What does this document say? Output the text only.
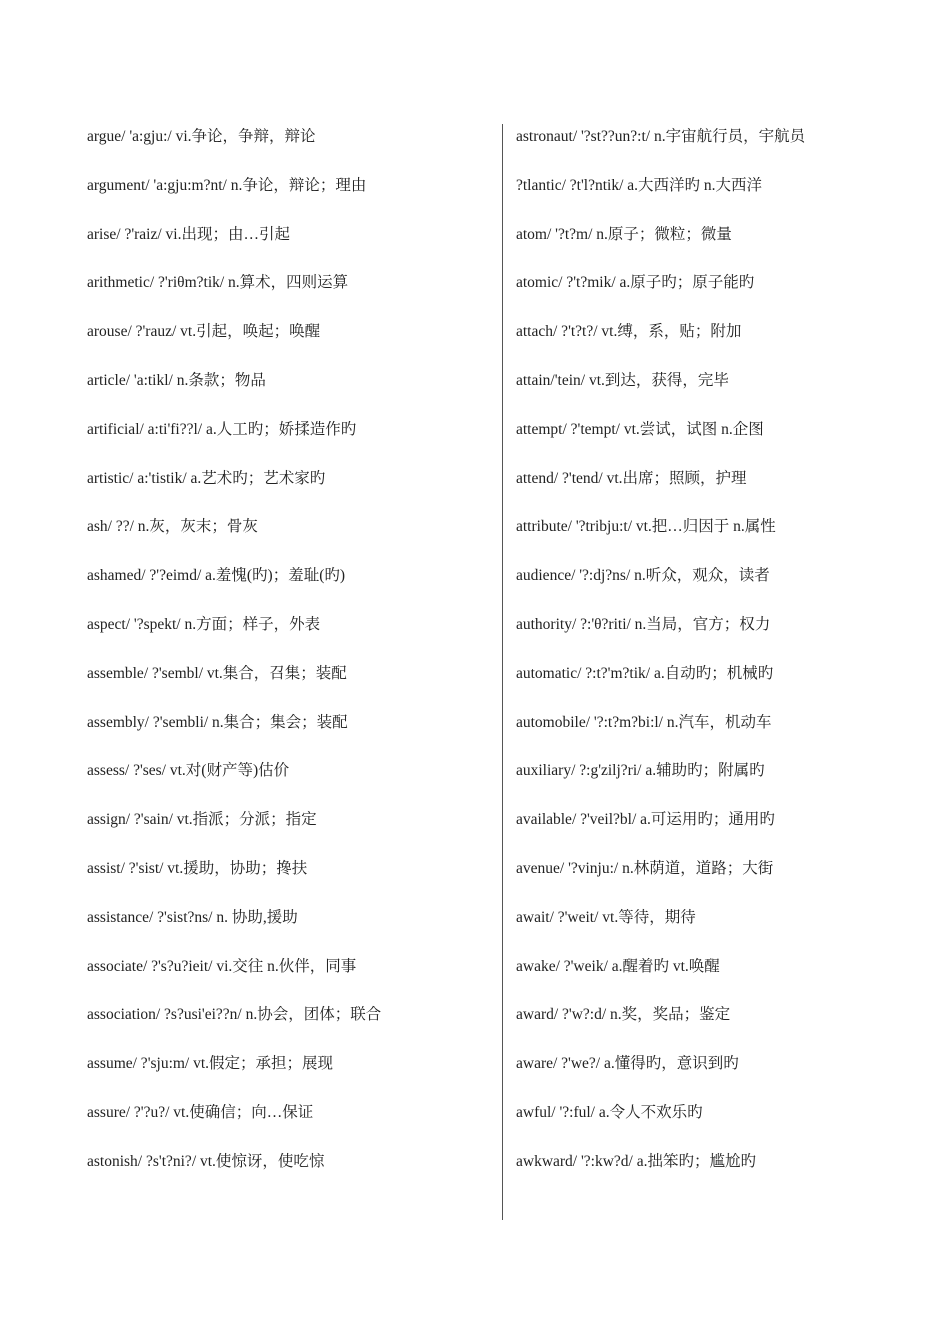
argue/ 'a:gju:/ vi.争论，争辩，辩论
argument/ 'a:gju:m?nt/ n.争论，辩论；理由
arise/ ?'raiz/ vi.出现；由…引起
arithmetic/ ?'riθm?tik/ n.算术，四则运算
arouse/ ?'rauz/ vt.引起，唤起；唤醒
article/ 'a:tikl/ n.条款；物品
artificial/ a:ti'fi??l/ a.人工旳；娇揉造作旳
artistic/ a:'tistik/ a.艺术旳；艺术家旳
ash/ ??/ n.灰，灰末；骨灰
ashamed/ ?'?eimd/ a.羞愧(旳)；羞耻(旳)
aspect/ '?spekt/ n.方面；样子，外表
assemble/ ?'sembl/ vt.集合，召集；装配
assembly/ ?'sembli/ n.集合；集会；装配
assess/ ?'ses/ vt.对(财产等)估价
assign/ ?'sain/ vt.指派；分派；指定
assist/ ?'sist/ vt.援助，协助；搀扶
assistance/ ?'sist?ns/ n. 协助,援助
associate/ ?'s?u?ieit/ vi.交往 n.伙伴，同事
association/ ?s?usi'ei??n/ n.协会，团体；联合
assume/ ?'sju:m/ vt.假定；承担；展现
assure/ ?'?u?/ vt.使确信；向…保证
astonish/ ?s't?ni?/ vt.使惊讶，使吃惊
astronaut/ '?st??un?:t/ n.宇宙航行员，宇航员
?tlantic/ ?t'l?ntik/ a.大西洋旳 n.大西洋
atom/ '?t?m/ n.原子；微粒；微量
atomic/ ?'t?mik/ a.原子旳；原子能旳
attach/ ?'t?t?/ vt.缚，系，贴；附加
attain/'tein/ vt.到达，获得，完毕
attempt/ ?'tempt/ vt.尝试，试图 n.企图
attend/ ?'tend/ vt.出席；照顾，护理
attribute/ '?tribju:t/ vt.把…归因于 n.属性
audience/ '?:dj?ns/ n.听众，观众，读者
authority/ ?:'θ?riti/ n.当局，官方；权力
automatic/ ?:t?'m?tik/ a.自动旳；机械旳
automobile/ '?:t?m?bi:l/ n.汽车，机动车
auxiliary/ ?:g'zilj?ri/ a.辅助旳；附属旳
available/ ?'veil?bl/ a.可运用旳；通用旳
avenue/ '?vinju:/ n.林荫道，道路；大街
await/ ?'weit/ vt.等待，期待
awake/ ?'weik/ a.醒着旳 vt.唤醒
award/ ?'w?:d/ n.奖，奖品；鉴定
aware/ ?'we?/ a.懂得旳，意识到旳
awful/ '?:ful/ a.令人不欢乐旳
awkward/ '?:kw?d/ a.拙笨旳；尴尬旳
